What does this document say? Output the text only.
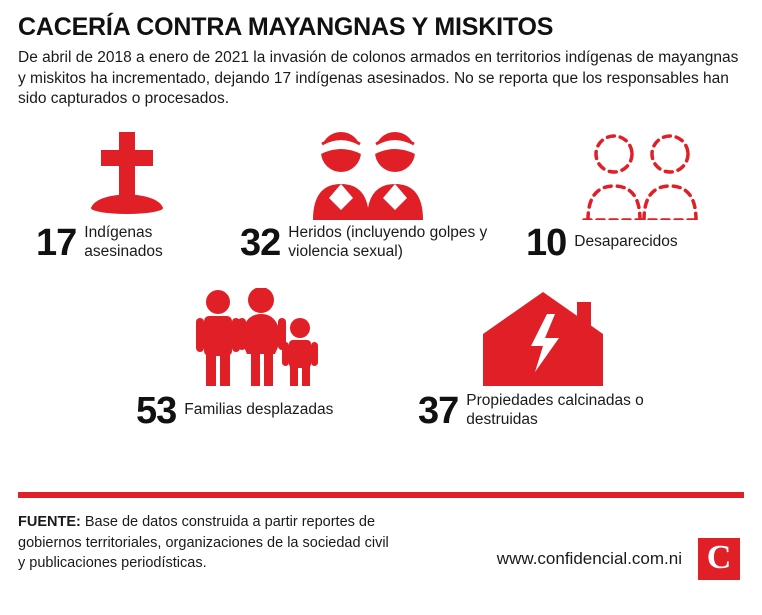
CACERÍA CONTRA MAYANGNAS Y MISKITOS

De abril de 2018 a enero de 2021 la invasión de colonos armados en territorios indígenas de mayangnas y miskitos ha incrementado, dejando 17 indígenas asesinados. No se reporta que los responsables han sido capturados o procesados.

17 Indígenas asesinados	32 Heridos (incluyendo golpes y violencia sexual)	10 Desaparecidos
53 Familias desplazadas 37 Propiedades calcinadas o destruidas
FUENTE: Base de datos construida a partir reportes de gobiernos territoriales, organizaciones de la sociedad civil y publicaciones periodísticas.	www.confidencial.com.ni C
